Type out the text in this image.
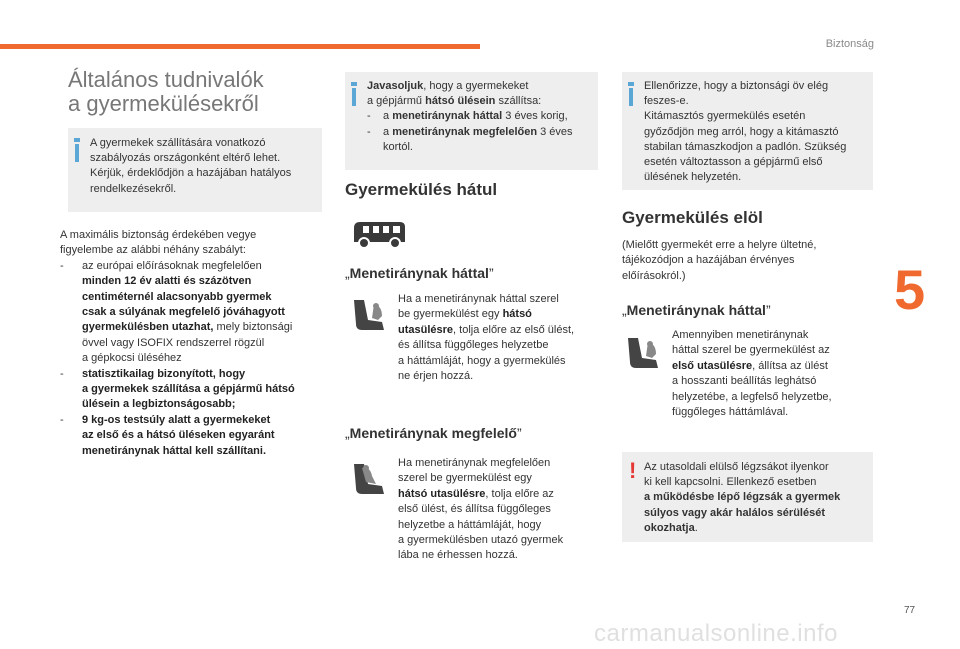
Biztonság
5
77
carmanualsonline.info
Általános tudnivalók
a gyermekülésekről
A gyermekek szállítására vonatkozó
szabályozás országonként eltérő lehet.
Kérjük, érdeklődjön a hazájában hatályos
rendelkezésekről.
A maximális biztonság érdekében vegye
figyelembe az alábbi néhány szabályt:
-	az európai előírásoknak megfelelően
minden 12 év alatti és százötven
centiméternél alacsonyabb gyermek
csak a súlyának megfelelő jóváhagyott
gyermekülésben utazhat, mely biztonsági
övvel vagy ISOFIX rendszerrel rögzül
a gépkocsi üléséhez
-	statisztikailag bizonyított, hogy
a gyermekek szállítása a gépjármű hátsó
ülésein a legbiztonságosabb;
-	9 kg-os testsúly alatt a gyermekeket
az első és a hátsó üléseken egyaránt
menetiránynak háttal kell szállítani.
Javasoljuk, hogy a gyermekeket
a gépjármű hátsó ülésein szállítsa:
-	a menetiránynak háttal 3 éves korig,
-	a menetiránynak megfelelően 3 éves
kortól.
Gyermekülés hátul
„Menetiránynak háttal”
Ha a menetiránynak háttal szerel
be gyermekülést egy hátsó
utasülésre, tolja előre az első ülést,
és állítsa függőleges helyzetbe
a háttámláját, hogy a gyermekülés
ne érjen hozzá.
„Menetiránynak megfelelő”
Ha menetiránynak megfelelően
szerel be gyermekülést egy
hátsó utasülésre, tolja előre az
első ülést, és állítsa függőleges
helyzetbe a háttámláját, hogy
a gyermekülésben utazó gyermek
lába ne érhessen hozzá.
Ellenőrizze, hogy a biztonsági öv elég
feszes-e.
Kitámasztós gyermekülés esetén
győződjön meg arról, hogy a kitámasztó
stabilan támaszkodjon a padlón. Szükség
esetén változtasson a gépjármű első
ülésének helyzetén.
Gyermekülés elöl
(Mielőtt gyermekét erre a helyre ültetné,
tájékozódjon a hazájában érvényes
előírásokról.)
„Menetiránynak háttal”
Amennyiben menetiránynak
háttal szerel be gyermekülést az
első utasülésre, állítsa az ülést
a hosszanti beállítás leghátsó
helyzetébe, a legfelső helyzetbe,
függőleges háttámlával.
! Az utasoldali elülső légzsákot ilyenkor
ki kell kapcsolni. Ellenkező esetben
a működésbe lépő légzsák a gyermek
súlyos vagy akár halálos sérülését
okozhatja.
